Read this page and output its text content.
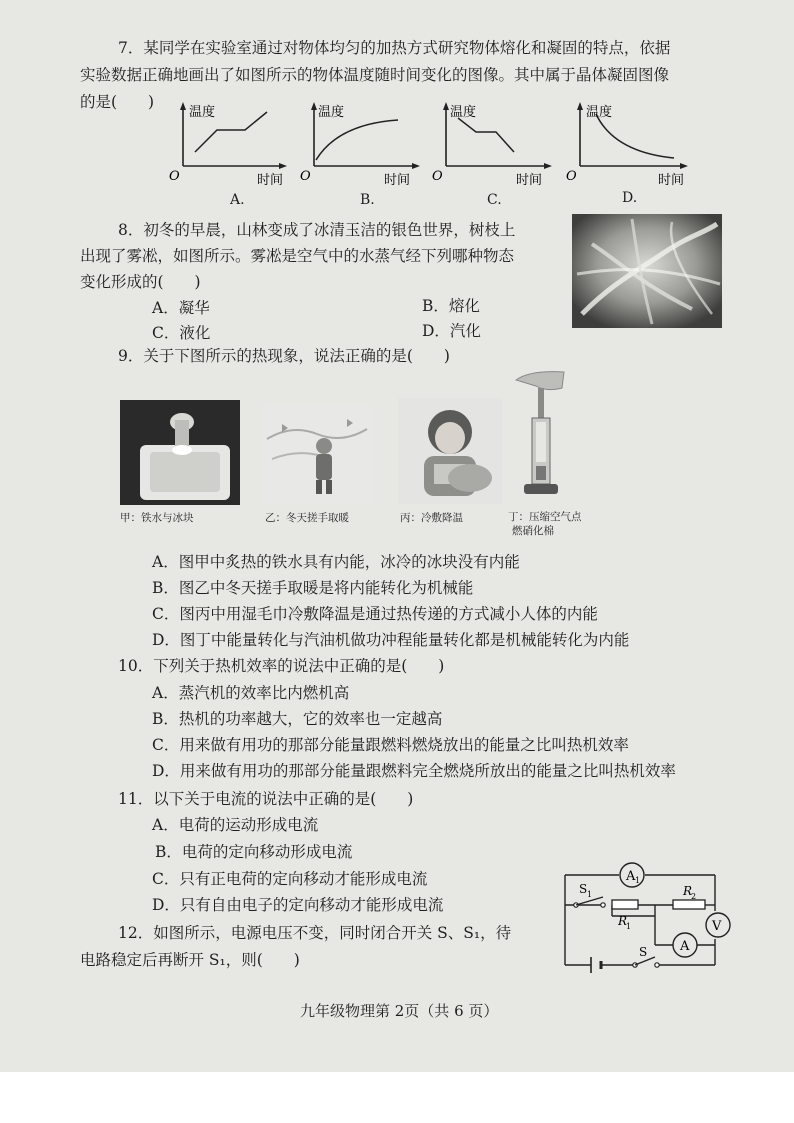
7．某同学在实验室通过对物体均匀的加热方式研究物体熔化和凝固的特点，依据
实验数据正确地画出了如图所示的物体温度随时间变化的图像。其中属于晶体凝固图像
的是(　　)
温度
O	时间
A.
温度
O	时间
B.
温度
O	时间
C.
温度
O	时间
D.
8．初冬的早晨，山林变成了冰清玉洁的银色世界，树枝上
出现了雾凇，如图所示。雾凇是空气中的水蒸气经下列哪种物态
变化形成的(　　)
A．凝华	B．熔化
C．液化	D．汽化
9．关于下图所示的热现象，说法正确的是(　　)
甲：铁水与冰块	乙：冬天搓手取暖	丙：冷敷降温	丁：压缩空气点
燃硝化棉
A．图甲中炙热的铁水具有内能，冰冷的冰块没有内能
B．图乙中冬天搓手取暖是将内能转化为机械能
C．图丙中用湿毛巾冷敷降温是通过热传递的方式减小人体的内能
D．图丁中能量转化与汽油机做功冲程能量转化都是机械能转化为内能
10．下列关于热机效率的说法中正确的是(　　)
A．蒸汽机的效率比内燃机高
B．热机的功率越大，它的效率也一定越高
C．用来做有用功的那部分能量跟燃料燃烧放出的能量之比叫热机效率
D．用来做有用功的那部分能量跟燃料完全燃烧所放出的能量之比叫热机效率
11．以下关于电流的说法中正确的是(　　)
A．电荷的运动形成电流
B．电荷的定向移动形成电流
C．只有正电荷的定向移动才能形成电流
D．只有自由电子的定向移动才能形成电流
12．如图所示，电源电压不变，同时闭合开关 S、S₁，待
电路稳定后再断开 S₁，则(　　)
A 1
V
A
S 1
S
R
1
R
2
九年级物理第 2页（共 6 页）
